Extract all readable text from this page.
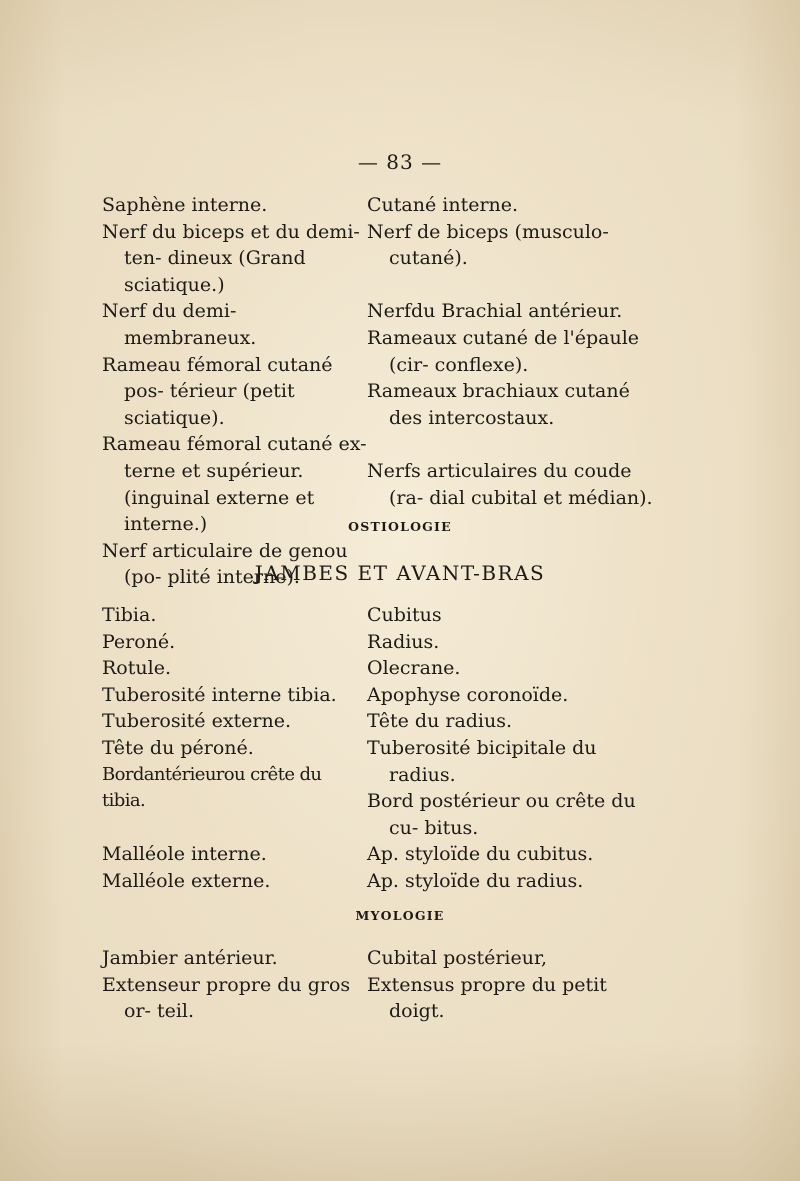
— 83 —
Saphène interne.
Nerf du biceps et du demi-ten- dineux (Grand sciatique.)
Nerf du demi-membraneux.
Rameau fémoral cutané pos- térieur (petit sciatique).
Rameau fémoral cutané ex- terne et supérieur. (inguinal externe et interne.)
Nerf articulaire de genou (po- plité interne).
Cutané interne.
Nerf de biceps (musculo-cutané).
Nerfdu Brachial antérieur.
Rameaux cutané de l'épaule (cir- conflexe).
Rameaux brachiaux cutané des intercostaux.
Nerfs articulaires du coude (ra- dial cubital et médian).
OSTIOLOGIE
JAMBES ET AVANT-BRAS
Tibia.
Peroné.
Rotule.
Tuberosité interne tibia.
Tuberosité externe.
Tête du péroné.
Bordantérieurou crête du tibia.
Malléole interne.
Malléole externe.
Cubitus
Radius.
Olecrane.
Apophyse coronoïde.
Tête du radius.
Tuberosité bicipitale du radius.
Bord postérieur ou crête du cu- bitus.
Ap. styloïde du cubitus.
Ap. styloïde du radius.
MYOLOGIE
Jambier antérieur.
Extenseur propre du gros or- teil.
Cubital postérieur,
Extensus propre du petit doigt.
